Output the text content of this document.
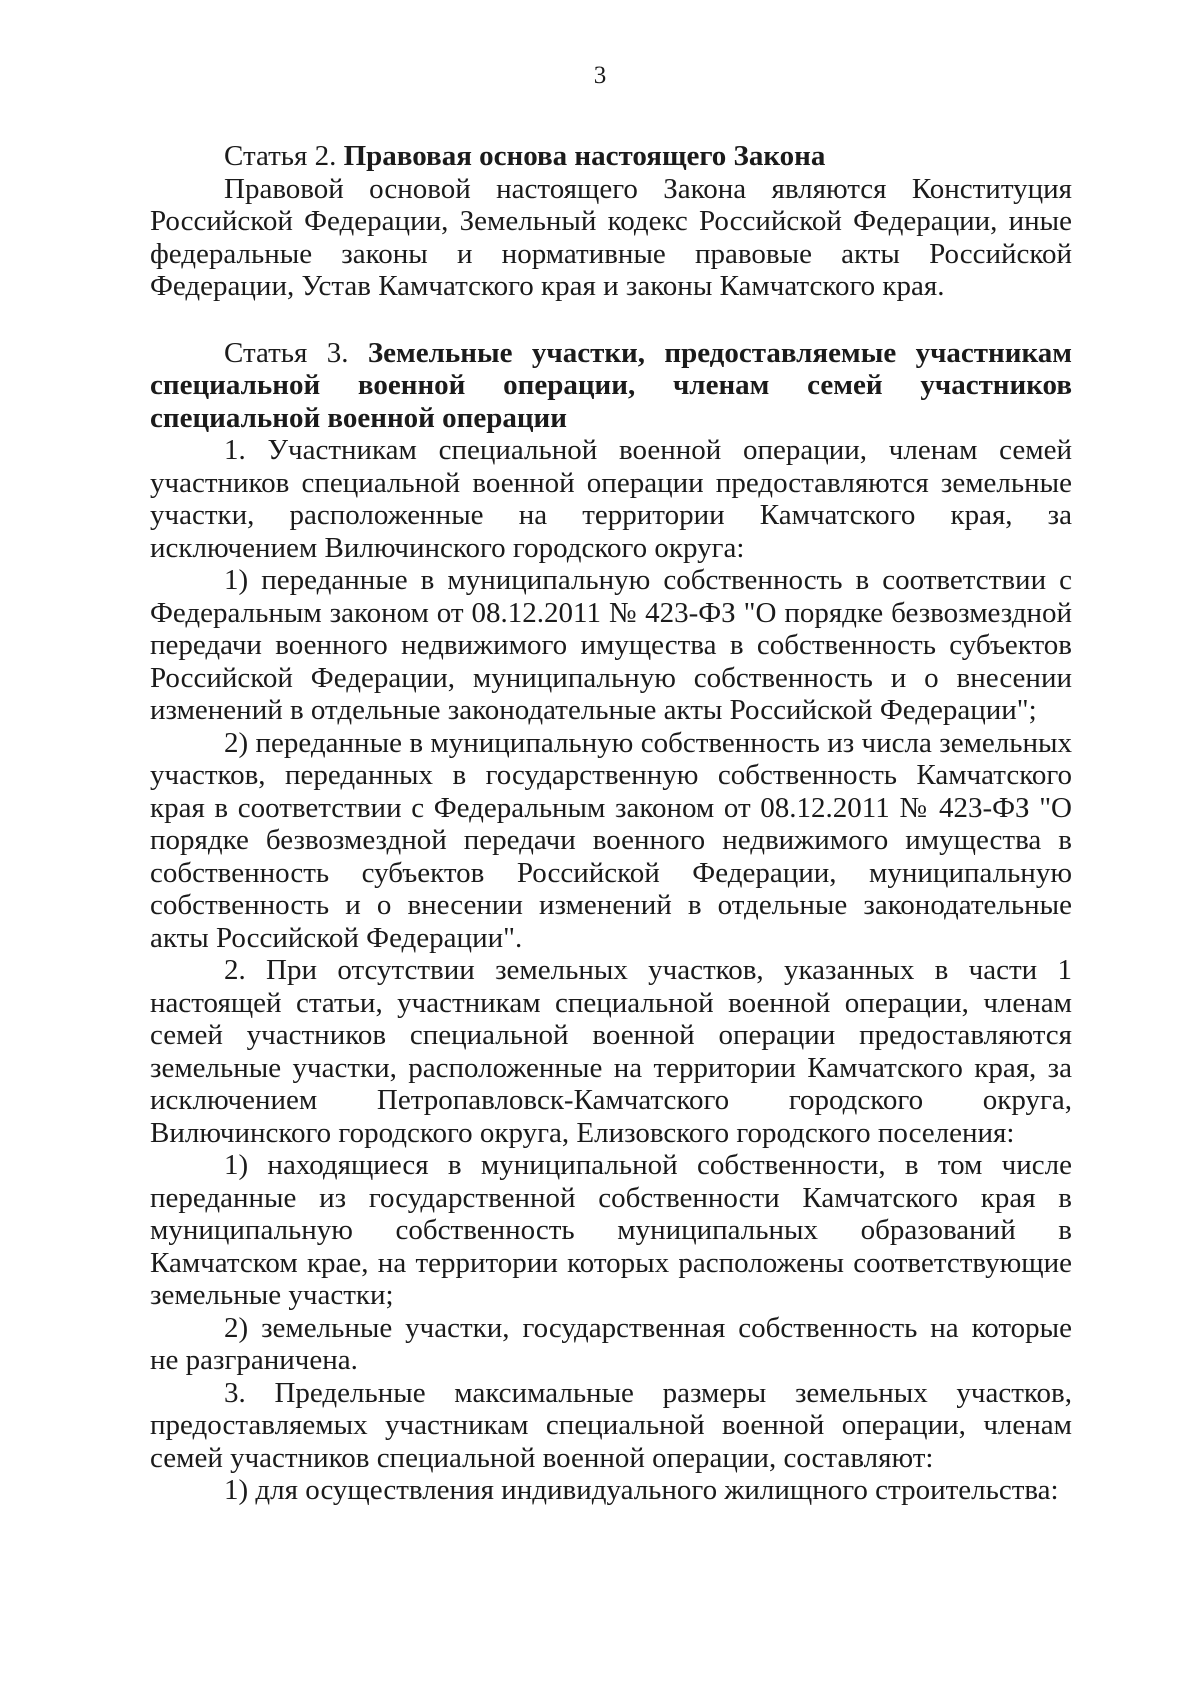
3

Статья 2. Правовая основа настоящего Закона

Правовой основой настоящего Закона являются Конституция Российской Федерации, Земельный кодекс Российской Федерации, иные федеральные законы и нормативные правовые акты Российской Федерации, Устав Камчатского края и законы Камчатского края.

Статья 3. Земельные участки, предоставляемые участникам специальной военной операции, членам семей участников специальной военной операции

1. Участникам специальной военной операции, членам семей участников специальной военной операции предоставляются земельные участки, расположенные на территории Камчатского края, за исключением Вилючинского городского округа:

1) переданные в муниципальную собственность в соответствии с Федеральным законом от 08.12.2011 № 423-ФЗ "О порядке безвозмездной передачи военного недвижимого имущества в собственность субъектов Российской Федерации, муниципальную собственность и о внесении изменений в отдельные законодательные акты Российской Федерации";

2) переданные в муниципальную собственность из числа земельных участков, переданных в государственную собственность Камчатского края в соответствии с Федеральным законом от 08.12.2011 № 423-ФЗ "О порядке безвозмездной передачи военного недвижимого имущества в собственность субъектов Российской Федерации, муниципальную собственность и о внесении изменений в отдельные законодательные акты Российской Федерации".

2. При отсутствии земельных участков, указанных в части 1 настоящей статьи, участникам специальной военной операции, членам семей участников специальной военной операции предоставляются земельные участки, расположенные на территории Камчатского края, за исключением Петропавловск-Камчатского городского округа, Вилючинского городского округа, Елизовского городского поселения:

1) находящиеся в муниципальной собственности, в том числе переданные из государственной собственности Камчатского края в муниципальную собственность муниципальных образований в Камчатском крае, на территории которых расположены соответствующие земельные участки;

2) земельные участки, государственная собственность на которые не разграничена.

3. Предельные максимальные размеры земельных участков, предоставляемых участникам специальной военной операции, членам семей участников специальной военной операции, составляют:

1) для осуществления индивидуального жилищного строительства:
